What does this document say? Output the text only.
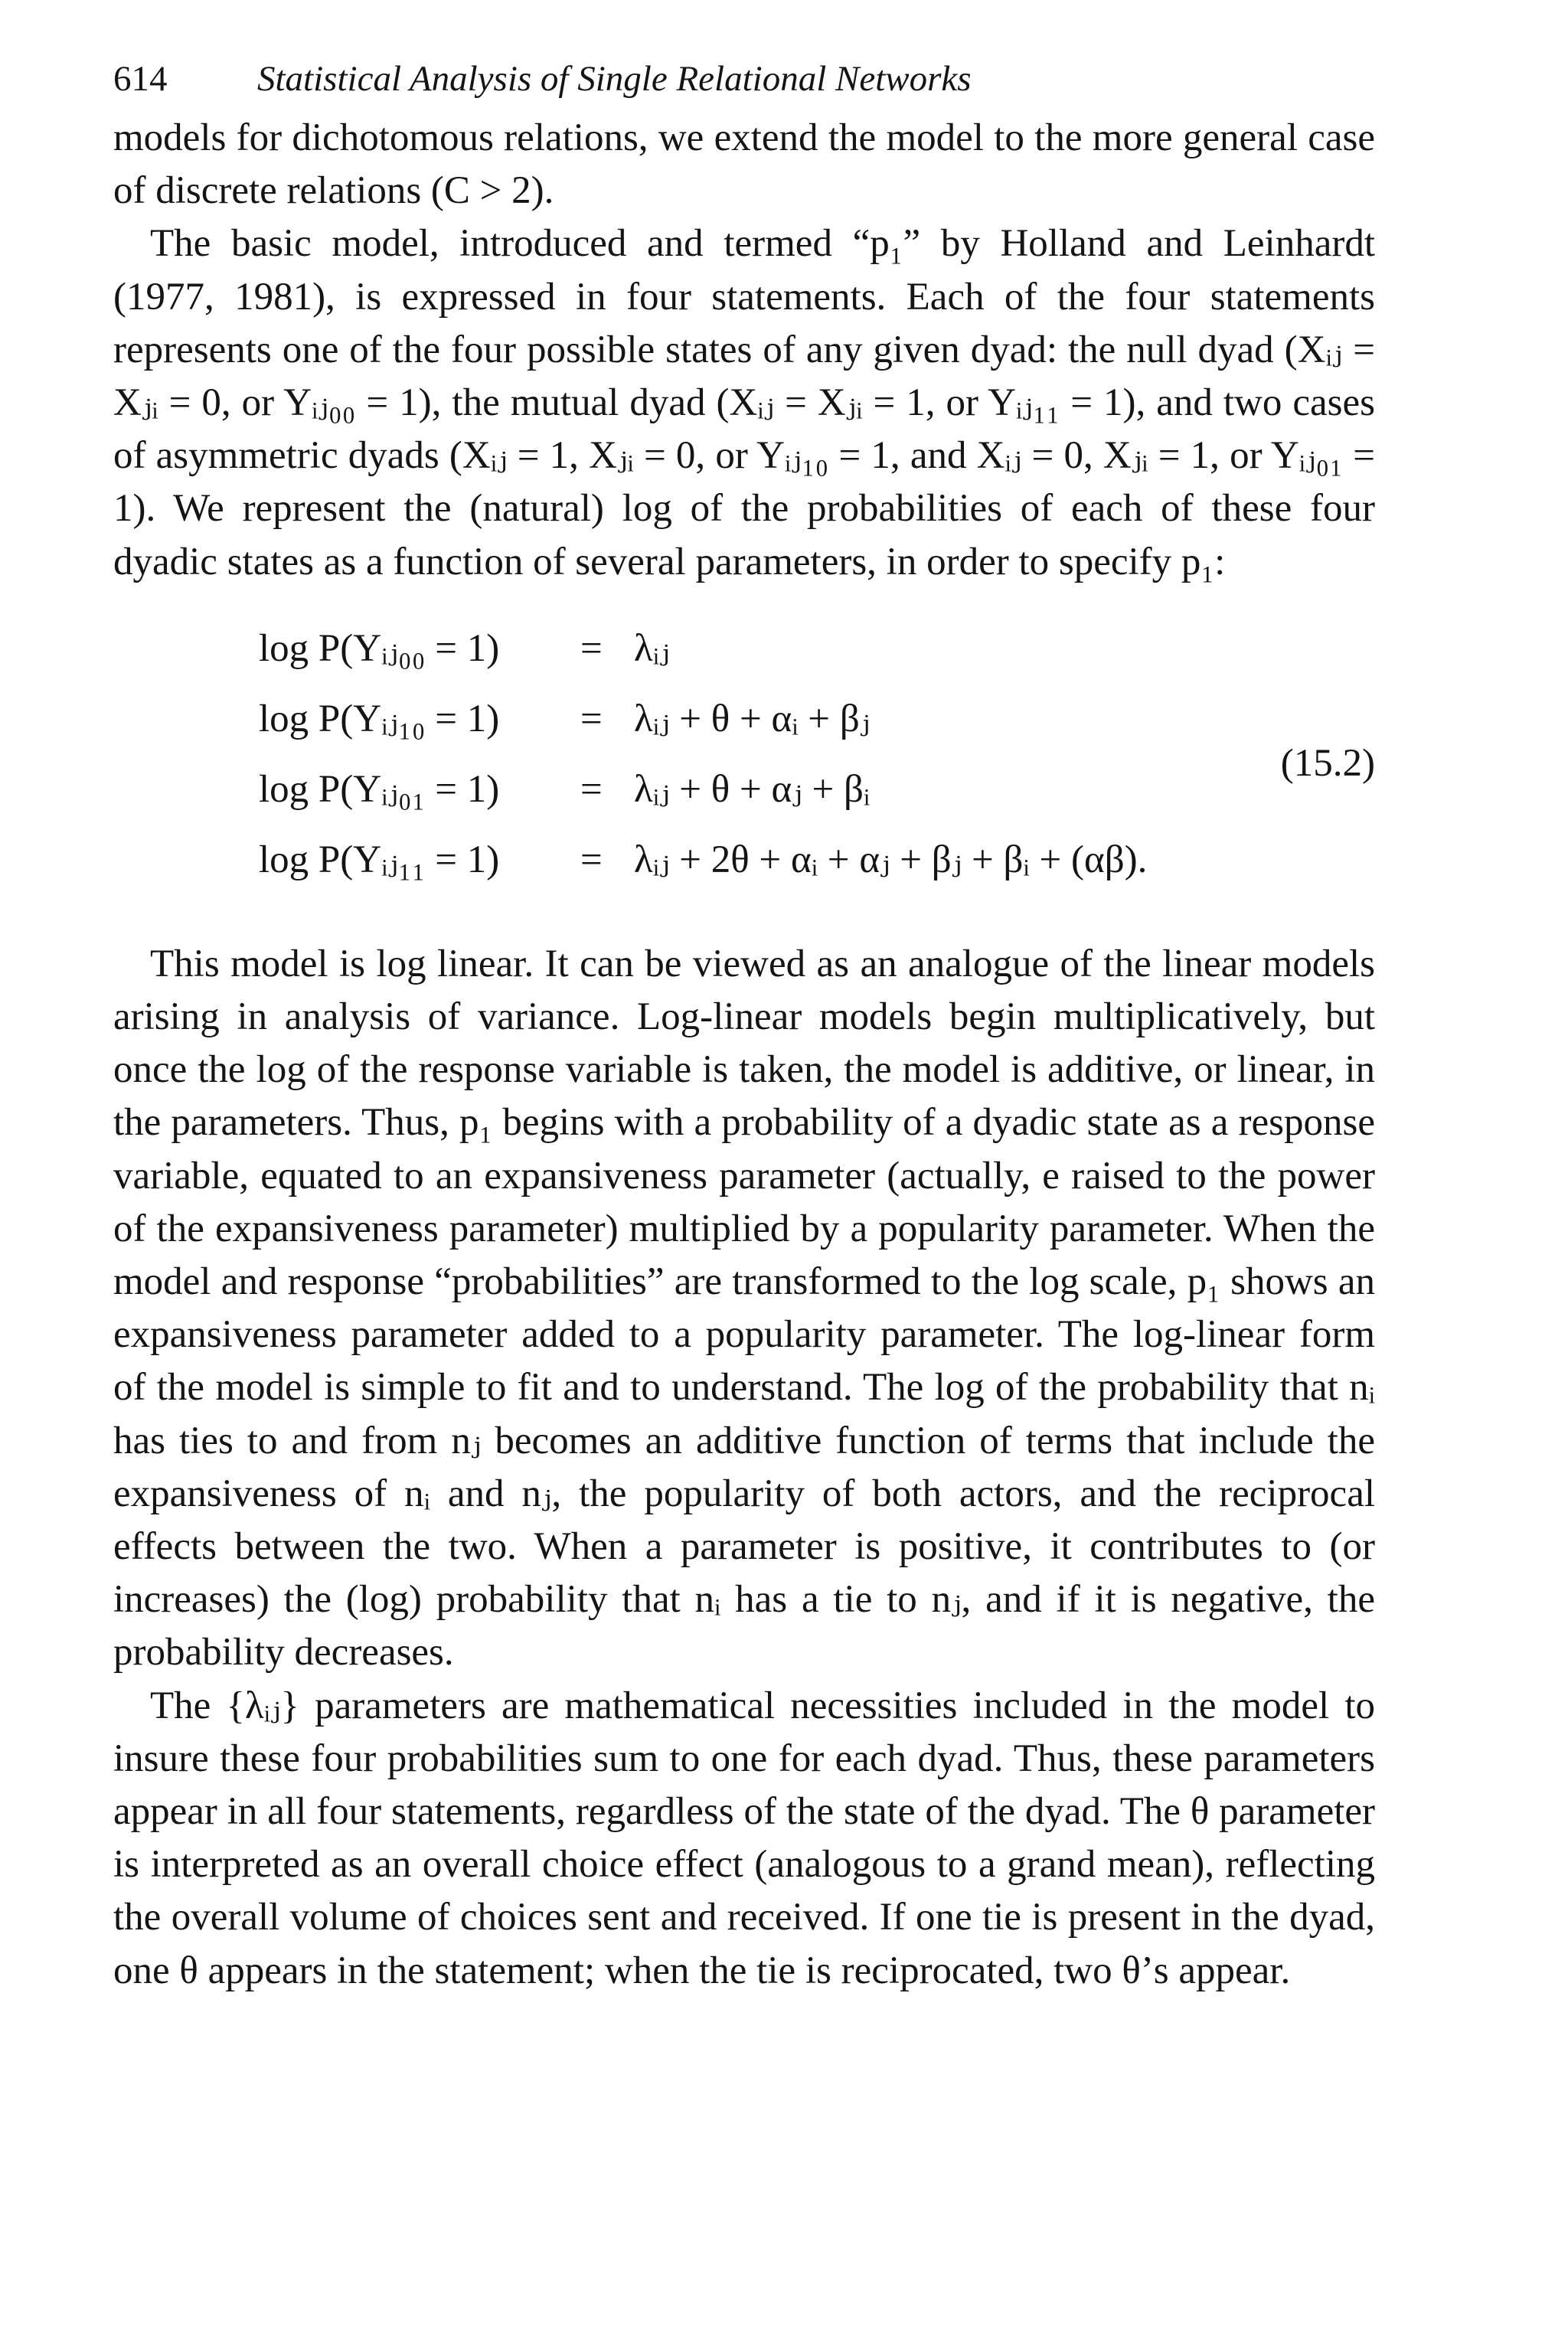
614	Statistical Analysis of Single Relational Networks

models for dichotomous relations, we extend the model to the more general case of discrete relations (C > 2).

The basic model, introduced and termed “p₁” by Holland and Leinhardt (1977, 1981), is expressed in four statements. Each of the four statements represents one of the four possible states of any given dyad: the null dyad (Xᵢⱼ = Xⱼᵢ = 0, or Yᵢⱼ₀₀ = 1), the mutual dyad (Xᵢⱼ = Xⱼᵢ = 1, or Yᵢⱼ₁₁ = 1), and two cases of asymmetric dyads (Xᵢⱼ = 1, Xⱼᵢ = 0, or Yᵢⱼ₁₀ = 1, and Xᵢⱼ = 0, Xⱼᵢ = 1, or Yᵢⱼ₀₁ = 1). We represent the (natural) log of the probabilities of each of these four dyadic states as a function of several parameters, in order to specify p₁:

log P(Yᵢⱼ₀₀ = 1) = λᵢⱼ
log P(Yᵢⱼ₁₀ = 1) = λᵢⱼ + θ + αᵢ + βⱼ
log P(Yᵢⱼ₀₁ = 1) = λᵢⱼ + θ + αⱼ + βᵢ
log P(Yᵢⱼ₁₁ = 1) = λᵢⱼ + 2θ + αᵢ + αⱼ + βⱼ + βᵢ + (αβ).
(15.2)

This model is log linear. It can be viewed as an analogue of the linear models arising in analysis of variance. Log-linear models begin multiplicatively, but once the log of the response variable is taken, the model is additive, or linear, in the parameters. Thus, p₁ begins with a probability of a dyadic state as a response variable, equated to an expansiveness parameter (actually, e raised to the power of the expansiveness parameter) multiplied by a popularity parameter. When the model and response “probabilities” are transformed to the log scale, p₁ shows an expansiveness parameter added to a popularity parameter. The log-linear form of the model is simple to fit and to understand. The log of the probability that nᵢ has ties to and from nⱼ becomes an additive function of terms that include the expansiveness of nᵢ and nⱼ, the popularity of both actors, and the reciprocal effects between the two. When a parameter is positive, it contributes to (or increases) the (log) probability that nᵢ has a tie to nⱼ, and if it is negative, the probability decreases.

The {λᵢⱼ} parameters are mathematical necessities included in the model to insure these four probabilities sum to one for each dyad. Thus, these parameters appear in all four statements, regardless of the state of the dyad. The θ parameter is interpreted as an overall choice effect (analogous to a grand mean), reflecting the overall volume of choices sent and received. If one tie is present in the dyad, one θ appears in the statement; when the tie is reciprocated, two θ’s appear.
